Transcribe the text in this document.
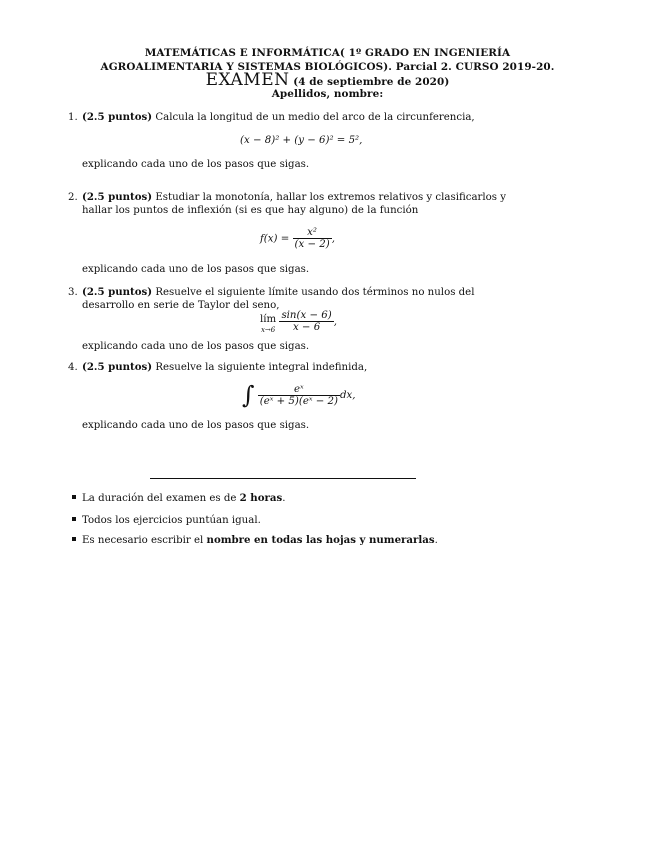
MATEMÁTICAS E INFORMÁTICA( 1º GRADO EN INGENIERÍA
AGROALIMENTARIA Y SISTEMAS BIOLÓGICOS). Parcial 2. CURSO 2019-20.
EXAMEN (4 de septiembre de 2020)
Apellidos, nombre:
1. (2.5 puntos) Calcula la longitud de un medio del arco de la circunferencia,
(x − 8)² + (y − 6)² = 5²,
explicando cada uno de los pasos que sigas.
2. (2.5 puntos) Estudiar la monotonía, hallar los extremos relativos y clasificarlos y hallar los puntos de inflexión (si es que hay alguno) de la función
$f(x) = \frac{\text{x²}}{(x - 2)}$ ,
explicando cada uno de los pasos que sigas.
3. (2.5 puntos) Resuelve el siguiente límite usando dos términos no nulos del desarrollo en serie de Taylor del seno,
lím
x→6
$\frac{\sin(x - 6)}{x - 6}$ ,
explicando cada uno de los pasos que sigas.
4. (2.5 puntos) Resuelve la siguiente integral indefinida,
∫ $\frac{\text{eˣ}}{\text{(eˣ + 5)(eˣ − 2)}}$ dx,
explicando cada uno de los pasos que sigas.
La duración del examen es de 2 horas.
Todos los ejercicios puntúan igual.
Es necesario escribir el nombre en todas las hojas y numerarlas.
